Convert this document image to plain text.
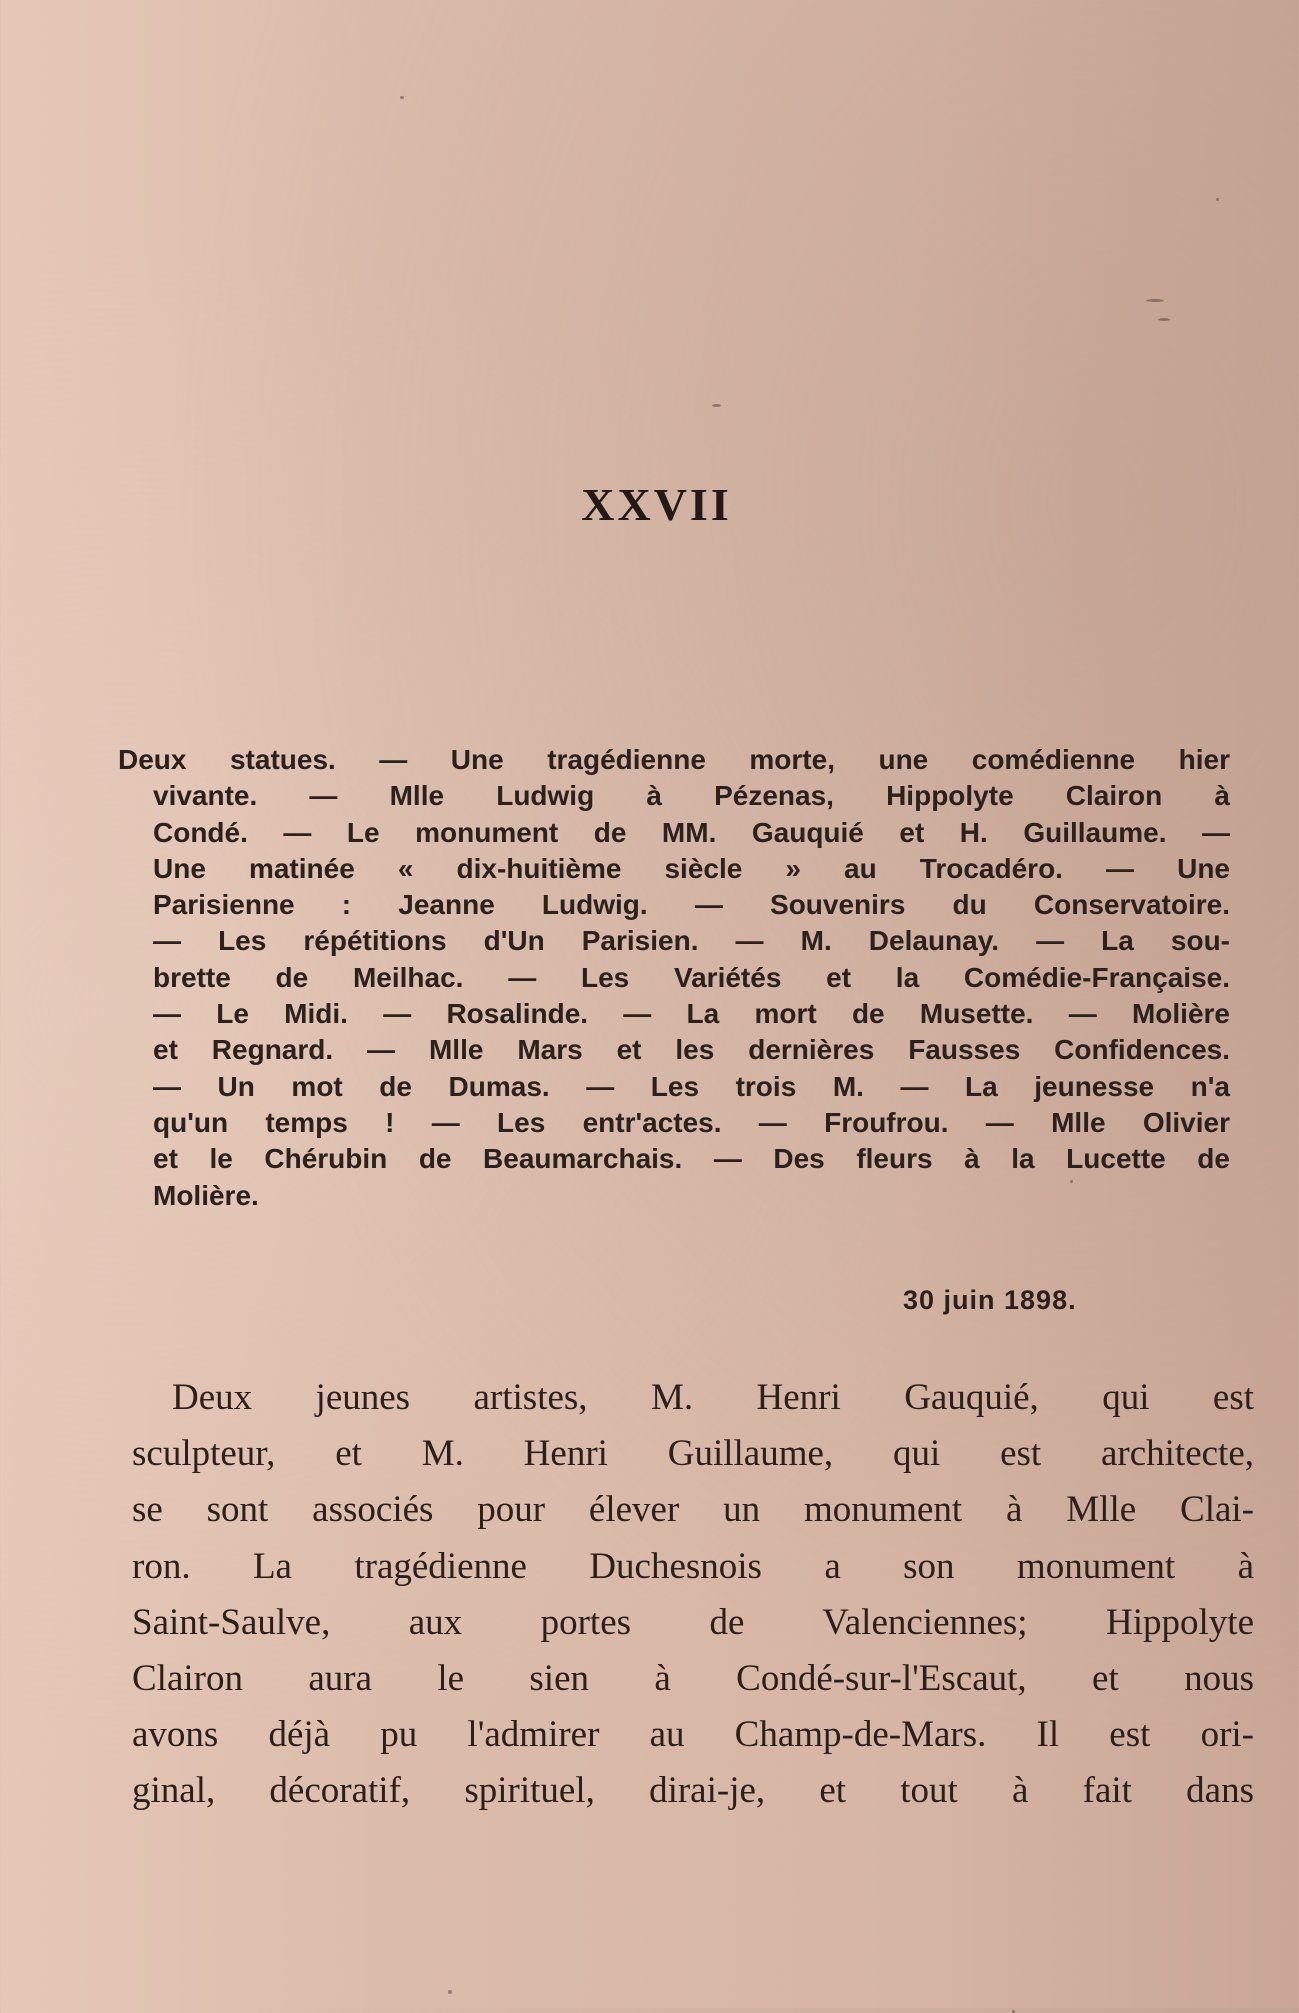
XXVII
Deux statues. — Une tragédienne morte, une comédienne hier
vivante. — Mlle Ludwig à Pézenas, Hippolyte Clairon à
Condé. — Le monument de MM. Gauquié et H. Guillaume. —
Une matinée « dix-huitième siècle » au Trocadéro. — Une
Parisienne : Jeanne Ludwig. — Souvenirs du Conservatoire.
— Les répétitions d'Un Parisien. — M. Delaunay. — La sou-
brette de Meilhac. — Les Variétés et la Comédie-Française.
— Le Midi. — Rosalinde. — La mort de Musette. — Molière
et Regnard. — Mlle Mars et les dernières Fausses Confidences.
— Un mot de Dumas. — Les trois M. — La jeunesse n'a
qu'un temps ! — Les entr'actes. — Froufrou. — Mlle Olivier
et le Chérubin de Beaumarchais. — Des fleurs à la Lucette de
Molière.
30 juin 1898.
Deux jeunes artistes, M. Henri Gauquié, qui est
sculpteur, et M. Henri Guillaume, qui est architecte,
se sont associés pour élever un monument à Mlle Clai-
ron. La tragédienne Duchesnois a son monument à
Saint-Saulve, aux portes de Valenciennes; Hippolyte
Clairon aura le sien à Condé-sur-l'Escaut, et nous
avons déjà pu l'admirer au Champ-de-Mars. Il est ori-
ginal, décoratif, spirituel, dirai-je, et tout à fait dans
